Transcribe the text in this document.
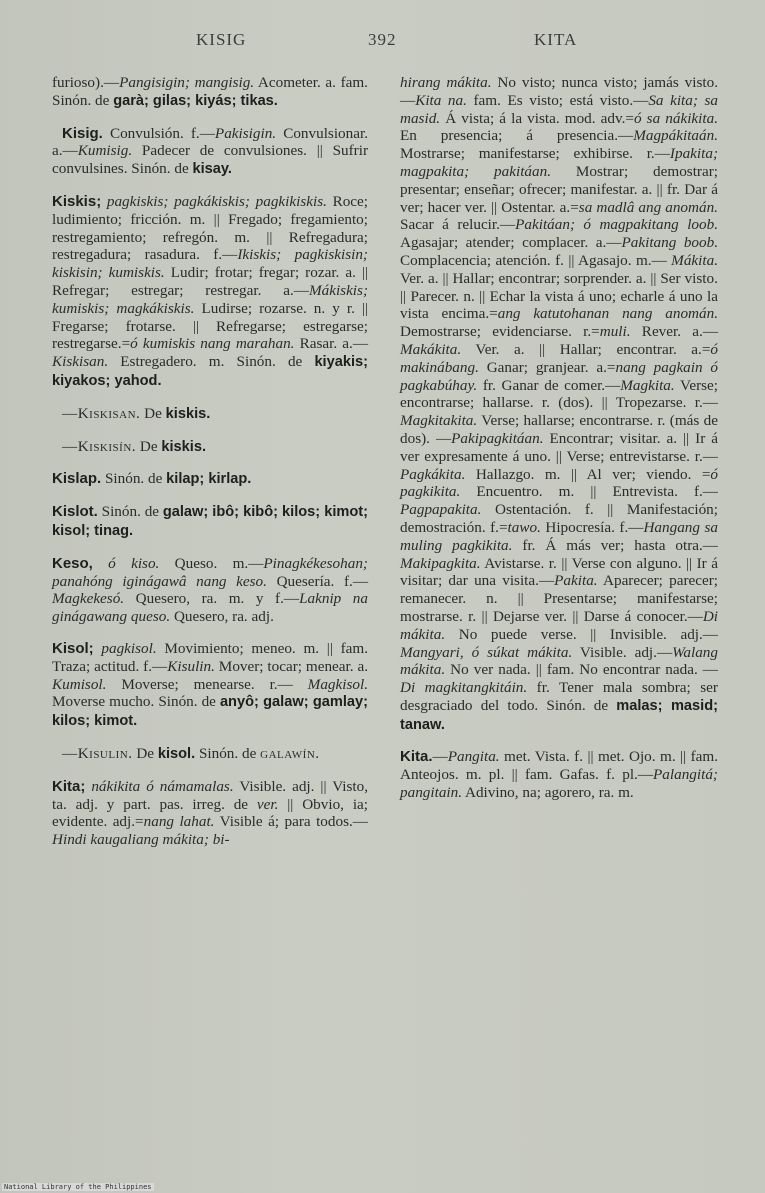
KISIG	392	KITA

furioso).—Pangisigin; mangisig. Acometer. a. fam. Sinón. de garà; gilas; kiyás; tikas.

Kisig. Convulsión. f.—Pakisigin. Convulsionar. a.—Kumisig. Padecer de convulsiones. || Sufrir convulsines. Sinón. de kisay.

Kiskis; pagkiskis; pagkákiskis; pagkikiskis. Roce; ludimiento; fricción. m. || Fregado; fregamiento; restregamiento; refregón. m. || Refregadura; restregadura; rasadura. f.—Ikiskis; pagkiskisin; kiskisin; kumiskis. Ludir; frotar; fregar; rozar. a. || Refregar; estregar; restregar. a.—Mákiskis; kumiskis; magkákiskis. Ludirse; rozarse. n. y r. || Fregarse; frotarse. || Refregarse; estregarse; restregarse.=ó kumiskis nang marahan. Rasar. a.—Kiskisan. Estregadero. m. Sinón. de kiyakis; kiyakos; yahod.

—Kiskisan. De kiskis.

—Kiskisín. De kiskis.

Kislap. Sinón. de kilap; kirlap.

Kislot. Sinón. de galaw; ibô; kibô; kilos; kimot; kisol; tinag.

Keso, ó kiso. Queso. m.—Pinagkékesohan; panahóng iginágawâ nang keso. Quesería. f.—Magkekesó. Quesero, ra. m. y f.—Laknip na ginágawang queso. Quesero, ra. adj.

Kisol; pagkisol. Movimiento; meneo. m. || fam. Traza; actitud. f.—Kisulin. Mover; tocar; menear. a. Kumisol. Moverse; menearse. r.— Magkisol. Moverse mucho. Sinón. de anyô; galaw; gamlay; kilos; kimot.

—Kisulin. De kisol. Sinón. de galawín.

Kita; nákikita ó námamalas. Visible. adj. || Visto, ta. adj. y part. pas. irreg. de ver. || Obvio, ia; evidente. adj.=nang lahat. Visible á; para todos.—Hindi kaugaliang mákita; bi-

hirang mákita. No visto; nunca visto; jamás visto.—Kita na. fam. Es visto; está visto.—Sa kita; sa masid. Á vista; á la vista. mod. adv.=ó sa nákikita. En presencia; á presencia.—Magpákitaán. Mostrarse; manifestarse; exhibirse. r.—Ipakita; magpakita; pakitáan. Mostrar; demostrar; presentar; enseñar; ofrecer; manifestar. a. || fr. Dar á ver; hacer ver. || Ostentar. a.=sa madlâ ang anomán. Sacar á relucir.—Pakitáan; ó magpakitang loob. Agasajar; atender; complacer. a.—Pakitang boob. Complacencia; atención. f. || Agasajo. m.— Mákita. Ver. a. || Hallar; encontrar; sorprender. a. || Ser visto. || Parecer. n. || Echar la vista á uno; echarle á uno la vista encima.=ang katutohanan nang anomán. Demostrarse; evidenciarse. r.=muli. Rever. a.— Makákita. Ver. a. || Hallar; encontrar. a.=ó makinábang. Ganar; granjear. a.=nang pagkain ó pagkabúhay. fr. Ganar de comer.—Magkita. Verse; encontrarse; hallarse. r. (dos). || Tropezarse. r.—Magkitakita. Verse; hallarse; encontrarse. r. (más de dos). —Pakipagkitáan. Encontrar; visitar. a. || Ir á ver expresamente á uno. || Verse; entrevistarse. r.—Pagkákita. Hallazgo. m. || Al ver; viendo. =ó pagkikita. Encuentro. m. || Entrevista. f.—Pagpapakita. Ostentación. f. || Manifestación; demostración. f.=tawo. Hipocresía. f.—Hangang sa muling pagkikita. fr. Á más ver; hasta otra.—Makipagkita. Avistarse. r. || Verse con alguno. || Ir á visitar; dar una visita.—Pakita. Aparecer; parecer; remanecer. n. || Presentarse; manifestarse; mostrarse. r. || Dejarse ver. || Darse á conocer.—Di mákita. No puede verse. || Invisible. adj.— Mangyari, ó súkat mákita. Visible. adj.—Walang mákita. No ver nada. || fam. No encontrar nada. — Di magkitangkitáin. fr. Tener mala sombra; ser desgraciado del todo. Sinón. de malas; masid; tanaw.

Kita.—Pangita. met. Vista. f. || met. Ojo. m. || fam. Anteojos. m. pl. || fam. Gafas. f. pl.—Palangitá; pangitain. Adivino, na; agorero, ra. m.

National Library of the Philippines
